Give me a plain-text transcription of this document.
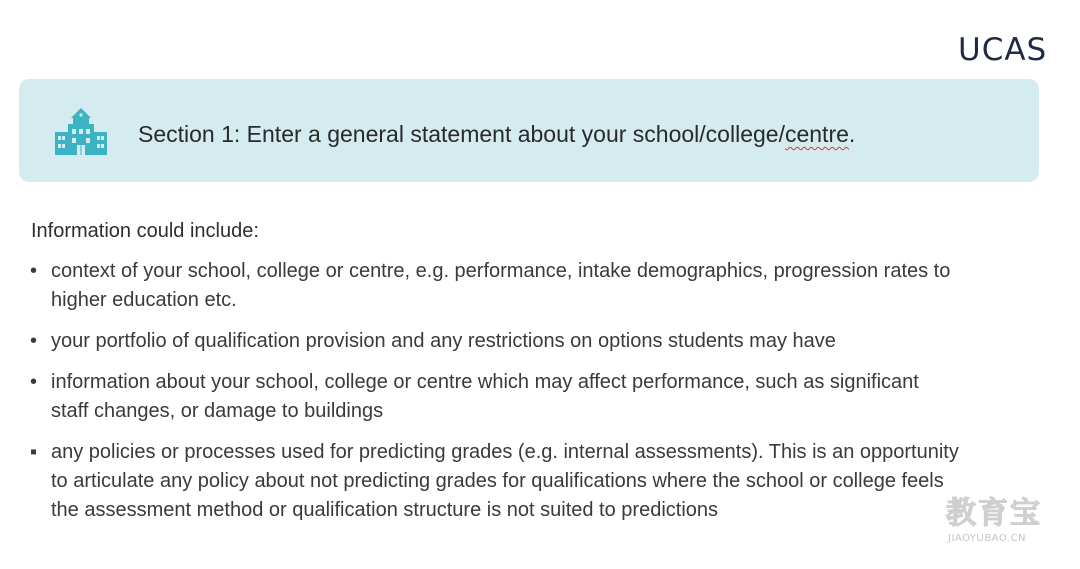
UCAS
Section 1: Enter a general statement about your school/college/centre.
Information could include:
• context of your school, college or centre, e.g. performance, intake demographics, progression rates to
higher education etc.
• your portfolio of qualification provision and any restrictions on options students may have
• information about your school, college or centre which may affect performance, such as significant
staff changes, or damage to buildings
▪ any policies or processes used for predicting grades (e.g. internal assessments). This is an opportunity
to articulate any policy about not predicting grades for qualifications where the school or college feels
the assessment method or qualification structure is not suited to predictions	教育宝
JIAOYUBAO.CN
